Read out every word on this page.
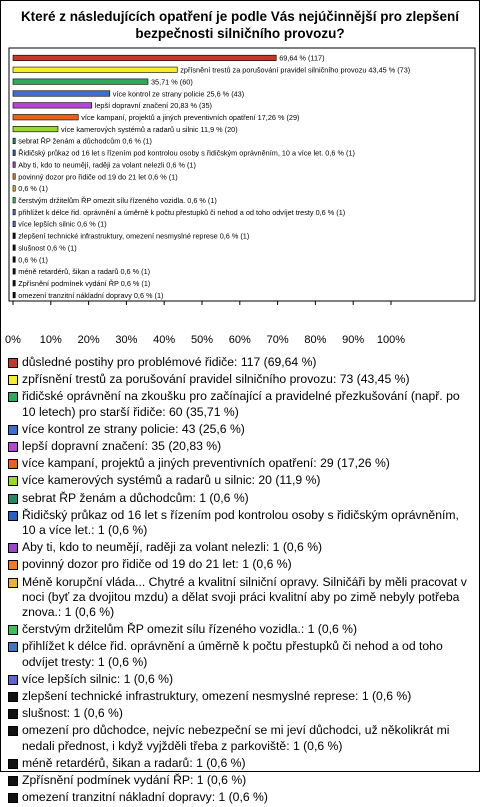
Které z následujících opatření je podle Vás nejúčinnější pro zlepšení
bezpečnosti silničního provozu?
69,64 % (117)
zpřísnění trestů za porušování pravidel silničního provozu 43,45 % (73)
35,71 % (60)
více kontrol ze strany policie 25,6 % (43)
lepší dopravní značení 20,83 % (35)
více kampaní, projektů a jiných preventivních opatření 17,26 % (29)
více kamerových systémů a radarů u silnic 11,9 % (20)
sebrat ŘP ženám a důchodcům 0,6 % (1)
Řidičský průkaz od 16 let s řízením pod kontrolou osoby s řidičským oprávněním, 10 a více let. 0,6 % (1)
Aby ti, kdo to neumějí, raději za volant nelezli 0,6 % (1)
povinný dozor pro řidiče od 19 do 21 let 0,6 % (1)
0,6 % (1)
čerstvým držitelům ŘP omezit sílu řízeného vozidla. 0,6 % (1)
přihlížet k délce řid. oprávnění a úměrně k počtu přestupků či nehod a od toho odvíjet tresty 0,6 % (1)
více lepších silnic 0,6 % (1)
zlepšení technické infrastruktury, omezení nesmyslné represe 0,6 % (1)
slušnost 0,6 % (1)
0,6 % (1)
méně retardérů, šikan a radarů 0,6 % (1)
Zpřísnění podmínek vydání ŘP 0,6 % (1)
omezení tranzitní nákladní dopravy 0,6 % (1)
0% 10% 20% 30% 40% 50% 60% 70% 80% 90% 100%
důsledné postihy pro problémové řidiče: 117 (69,64 %)
zpřísnění trestů za porušování pravidel silničního provozu: 73 (43,45 %)
řidičské oprávnění na zkoušku pro začínající a pravidelné přezkušování (např. po 10 letech) pro starší řidiče: 60 (35,71 %)
více kontrol ze strany policie: 43 (25,6 %)
lepší dopravní značení: 35 (20,83 %)
více kampaní, projektů a jiných preventivních opatření: 29 (17,26 %)
více kamerových systémů a radarů u silnic: 20 (11,9 %)
sebrat ŘP ženám a důchodcům: 1 (0,6 %)
Řidičský průkaz od 16 let s řízením pod kontrolou osoby s řidičským oprávněním, 10 a více let.: 1 (0,6 %)
Aby ti, kdo to neumějí, raději za volant nelezli: 1 (0,6 %)
povinný dozor pro řidiče od 19 do 21 let: 1 (0,6 %)
Méně korupční vláda... Chytré a kvalitní silniční opravy. Silničáři by měli pracovat v noci (byť za dvojitou mzdu) a dělat svoji práci kvalitní aby po zimě nebyly potřeba znova.: 1 (0,6 %)
čerstvým držitelům ŘP omezit sílu řízeného vozidla.: 1 (0,6 %)
přihlížet k délce řid. oprávnění a úměrně k počtu přestupků či nehod a od toho odvíjet tresty: 1 (0,6 %)
více lepších silnic: 1 (0,6 %)
zlepšení technické infrastruktury, omezení nesmyslné represe: 1 (0,6 %)
slušnost: 1 (0,6 %)
omezení pro důchodce, nejvíc nebezpeční se mi jeví důchodci, už několikrát mi nedali přednost, i když vyjžděli třeba z parkoviště: 1 (0,6 %)
méně retardérů, šikan a radarů: 1 (0,6 %)
Zpřísnění podmínek vydání ŘP: 1 (0,6 %)
omezení tranzitní nákladní dopravy: 1 (0,6 %)
